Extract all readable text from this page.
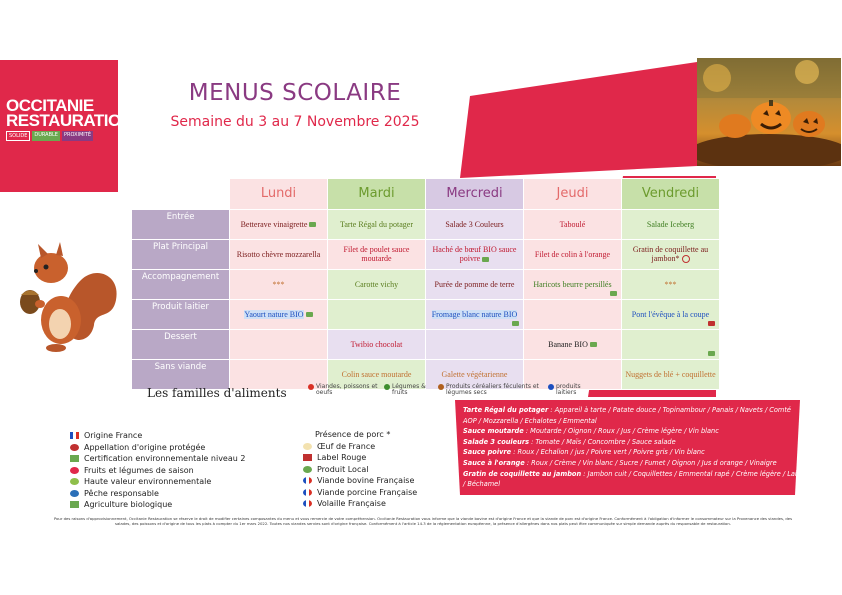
OCCITANIE
RESTAURATION
SOLIDE	DURABLE	PROXIMITÉ
MENUS SCOLAIRE
Semaine du 3 au 7 Novembre 2025
	Lundi	Mardi	Mercredi	Jeudi	Vendredi
Entrée	Betterave vinaigrette	Tarte Régal du potager	Salade 3 Couleurs	Taboulé	Salade Iceberg
Plat Principal	Risotto chèvre mozzarella	Filet de poulet sauce moutarde	Haché de bœuf BIO sauce poivre	Filet de colin à l'orange	Gratin de coquillette au jambon*
Accompagnement	***	Carotte vichy	Purée de pomme de terre	Haricots beurre persillés	***
Produit laitier	Yaourt nature BIO		Fromage blanc nature BIO		Pont l'évêque à la coupe

Dessert		Twibio chocolat		Banane BIO	

Sans viande		Colin sauce moutarde	Galette végétarienne		Nuggets de blé + coquillette
Les familles d'aliments	Viandes, poissons et oeufs
Légumes & fruits
Produits céréaliers féculents et légumes secs
produits laitiers
Origine France
Appellation d'origine protégée
Certification environnementale niveau 2
Fruits et légumes de saison
Haute valeur environnementale
Pêche responsable
Agriculture biologique
Présence de porc *
Œuf de France
Label Rouge
Produit Local
Viande bovine Française
Viande porcine Française
Volaille Française
Tarte Régal du potager : Appareil à tarte / Patate douce / Topinambour / Panais / Navets / Comté AOP / Mozzarella / Echalotes / Emmental
Sauce moutarde : Moutarde / Oignon / Roux / Jus / Crème légère / Vin blanc
Salade 3 couleurs : Tomate / Maïs / Concombre / Sauce salade
Sauce poivre : Roux / Echalion / jus / Poivre vert / Poivre gris / Vin blanc
Sauce à l'orange : Roux / Crème / Vin blanc / Sucre / Fumet / Oignon / Jus d orange / Vinaigre
Gratin de coquillette au jambon : Jambon cuit / Coquillettes / Emmental rapé / Crème légère / Lait / Béchamel
Pour des raisons d'approvisionnement, Occitanie Restauration se réserve le droit de modifier certaines composantes du menu et vous remercie de votre compréhension. Occitanie Restauration vous informe que la viande bovine est d'origine France et que la viande de porc est d'origine France. Conformément à l'obligation d'informer le consommateur sur la Provenance des viandes, des salades, des poissons et d'origine de tous les plats à compter du 1er mars 2022. Toutes nos viandes servies sont d'origine française. Conformément à l'article 14.3 de la réglementation européenne, la présence d'allergènes dans nos plats peut être communiquée sur simple demande auprès du responsable de restauration.
